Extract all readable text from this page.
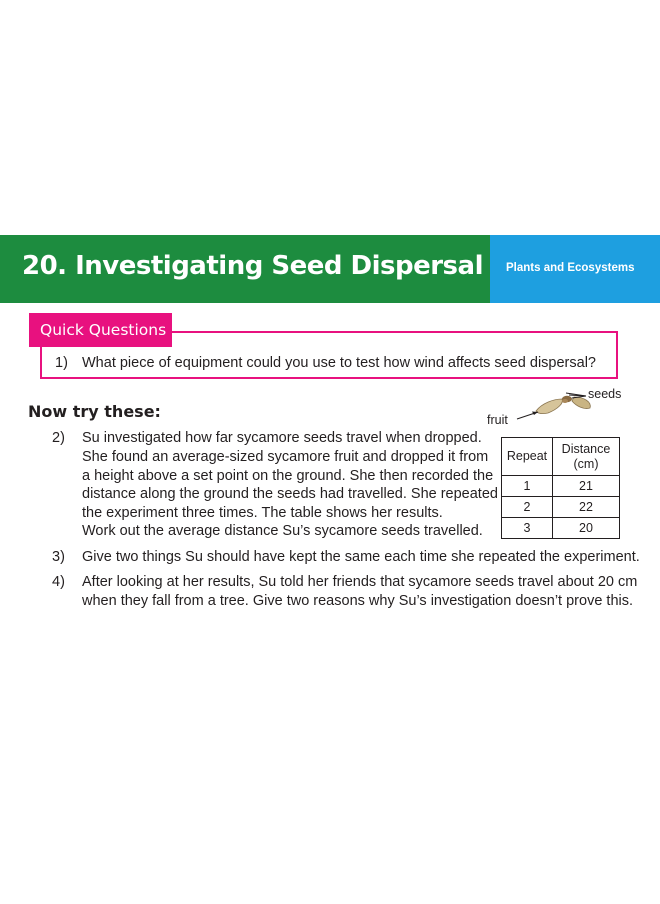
20. Investigating Seed Dispersal Plants and Ecosystems
Quick Questions
1) What piece of equipment could you use to test how wind affects seed dispersal?
Now try these:
2) Su investigated how far sycamore seeds travel when dropped.
She found an average-sized sycamore fruit and dropped it from
a height above a set point on the ground. She then recorded the
distance along the ground the seeds had travelled. She repeated
the experiment three times. The table shows her results.
Work out the average distance Su’s sycamore seeds travelled.
3) Give two things Su should have kept the same each time she repeated the experiment.
4) After looking at her results, Su told her friends that sycamore seeds travel about 20 cm
when they fall from a tree. Give two reasons why Su’s investigation doesn’t prove this.
fruit
seeds
Repeat	Distance
(cm)
1	21
2	22
3	20
